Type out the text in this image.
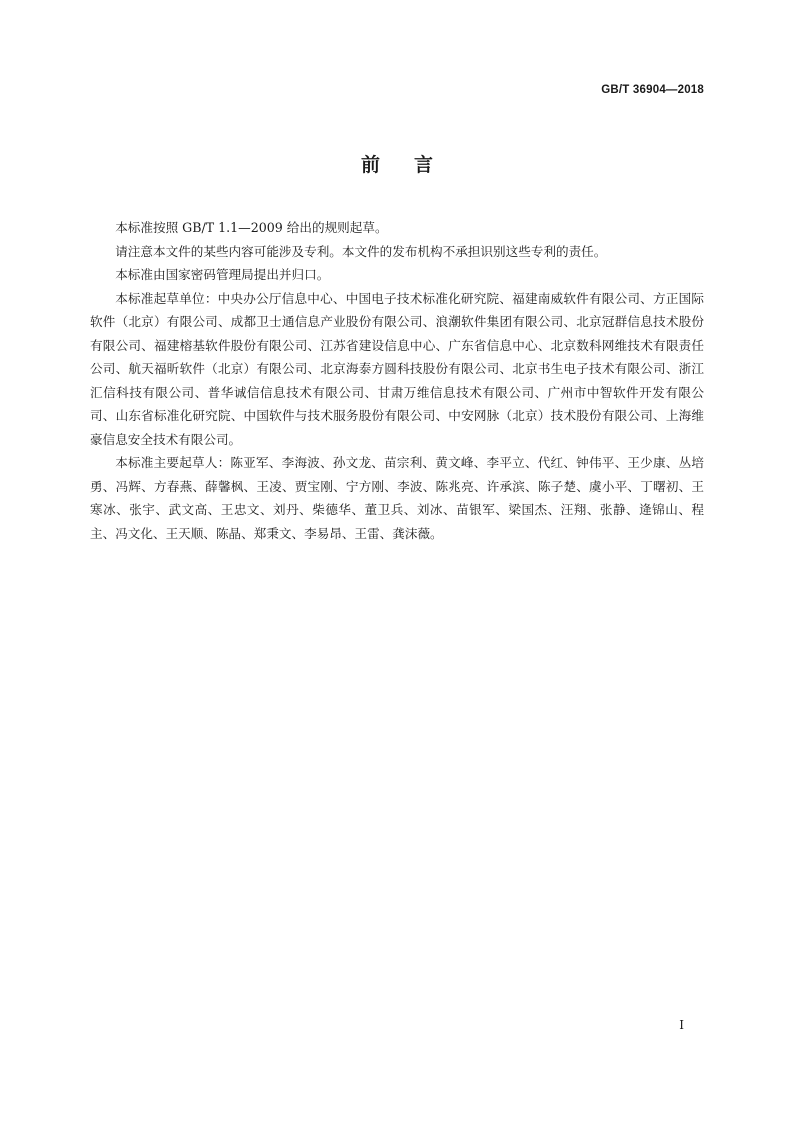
GB/T 36904—2018
前言

本标准按照 GB/T 1.1—2009 给出的规则起草。

请注意本文件的某些内容可能涉及专利。本文件的发布机构不承担识别这些专利的责任。

本标准由国家密码管理局提出并归口。

本标准起草单位：中央办公厅信息中心、中国电子技术标准化研究院、福建南威软件有限公司、方正国际软件（北京）有限公司、成都卫士通信息产业股份有限公司、浪潮软件集团有限公司、北京冠群信息技术股份有限公司、福建榕基软件股份有限公司、江苏省建设信息中心、广东省信息中心、北京数科网维技术有限责任公司、航天福昕软件（北京）有限公司、北京海泰方圆科技股份有限公司、北京书生电子技术有限公司、浙江汇信科技有限公司、普华诚信信息技术有限公司、甘肃万维信息技术有限公司、广州市中智软件开发有限公司、山东省标准化研究院、中国软件与技术服务股份有限公司、中安网脉（北京）技术股份有限公司、上海维豪信息安全技术有限公司。

本标准主要起草人：陈亚军、李海波、孙文龙、苗宗利、黄文峰、李平立、代红、钟伟平、王少康、丛培勇、冯辉、方春燕、薛馨枫、王凌、贾宝刚、宁方刚、李波、陈兆亮、许承滨、陈子楚、虞小平、丁曙初、王寒冰、张宇、武文高、王忠文、刘丹、柴德华、董卫兵、刘冰、苗银军、梁国杰、汪翔、张静、逄锦山、程主、冯文化、王天顺、陈晶、郑秉文、李易昂、王雷、龚沫薇。

I
